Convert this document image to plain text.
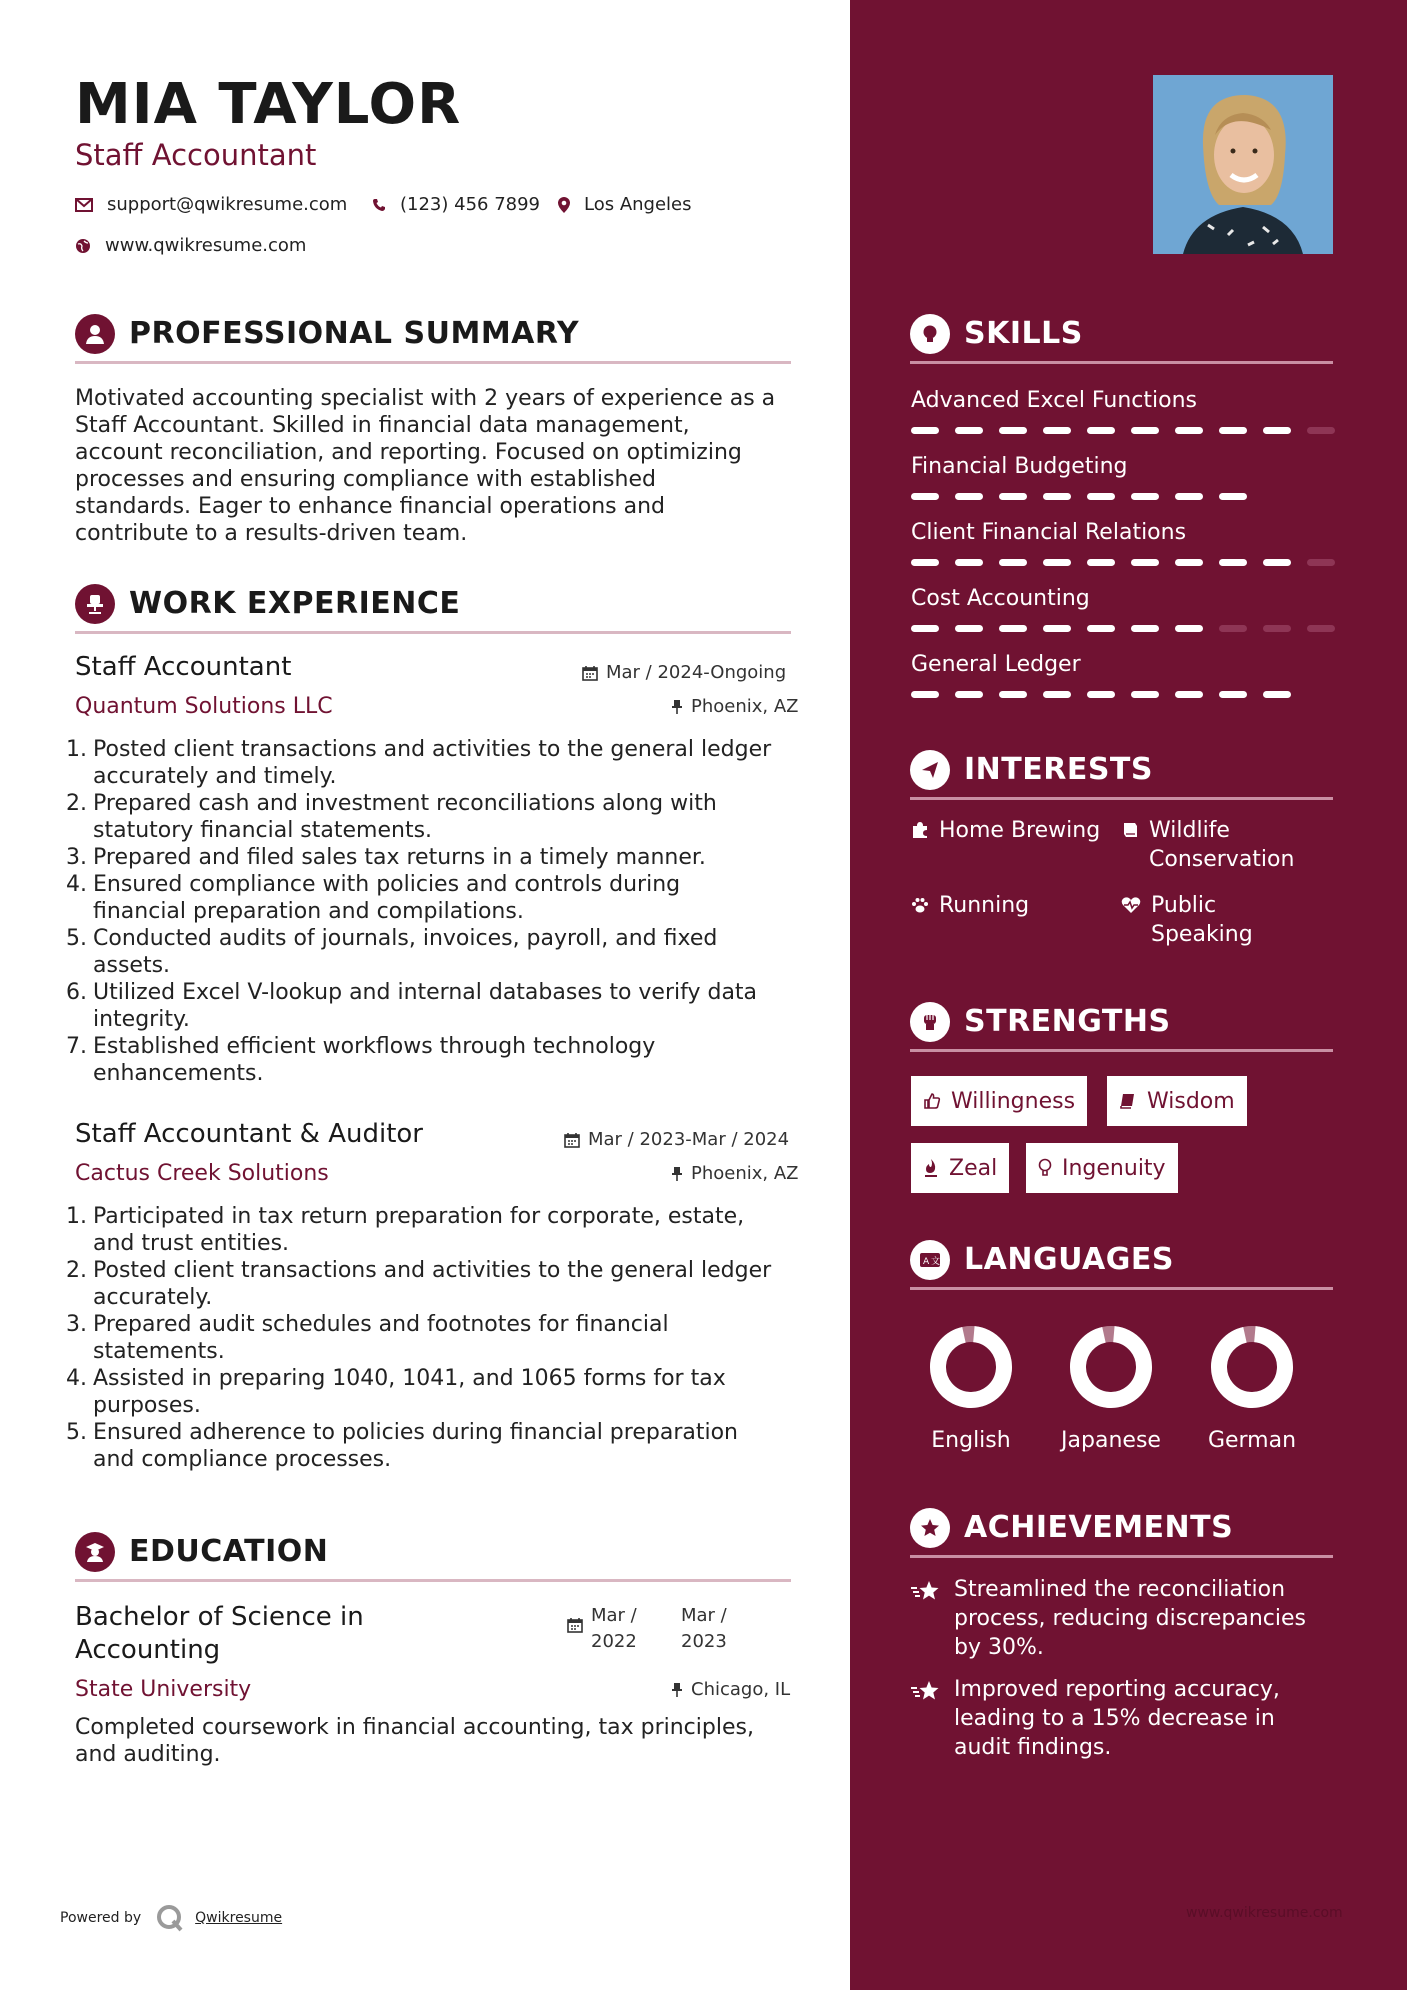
MIA TAYLOR
Staff Accountant
support@qwikresume.com	(123) 456 7899 Los Angeles
www.qwikresume.com
PROFESSIONAL SUMMARY
Motivated accounting specialist with 2 years of experience as a
Staff Accountant. Skilled in financial data management,
account reconciliation, and reporting. Focused on optimizing
processes and ensuring compliance with established
standards. Eager to enhance financial operations and
contribute to a results-driven team.
WORK EXPERIENCE
Staff Accountant
Quantum Solutions LLC
Mar / 2024-Ongoing
Phoenix, AZ
1. Posted client transactions and activities to the general ledger
accurately and timely.
2. Prepared cash and investment reconciliations along with
statutory financial statements.
3. Prepared and filed sales tax returns in a timely manner.
4. Ensured compliance with policies and controls during
financial preparation and compilations.
5. Conducted audits of journals, invoices, payroll, and fixed
assets.
6. Utilized Excel V-lookup and internal databases to verify data
integrity.
7. Established efficient workflows through technology
enhancements.
Staff Accountant & Auditor
Cactus Creek Solutions
Mar / 2023-Mar / 2024
Phoenix, AZ
1. Participated in tax return preparation for corporate, estate,
and trust entities.
2. Posted client transactions and activities to the general ledger
accurately.
3. Prepared audit schedules and footnotes for financial
statements.
4. Assisted in preparing 1040, 1041, and 1065 forms for tax
purposes.
5. Ensured adherence to policies during financial preparation
and compliance processes.
EDUCATION
Bachelor of Science in
Accounting
State University
Mar /
2022
Mar /
2023
Chicago, IL
Completed coursework in financial accounting, tax principles,
and auditing.
SKILLS
Advanced Excel Functions
Financial Budgeting
Client Financial Relations
Cost Accounting
General Ledger
INTERESTS
Home Brewing Wildlife
Conservation
Running	Public
Speaking
STRENGTHS
Willingness	Wisdom
Zeal	Ingenuity
A 文 LANGUAGES
English	Japanese	German
ACHIEVEMENTS
Streamlined the reconciliation
process, reducing discrepancies
by 30%.
Improved reporting accuracy,
leading to a 15% decrease in
audit findings.
Powered by	Qwikresume	www.qwikresume.com
